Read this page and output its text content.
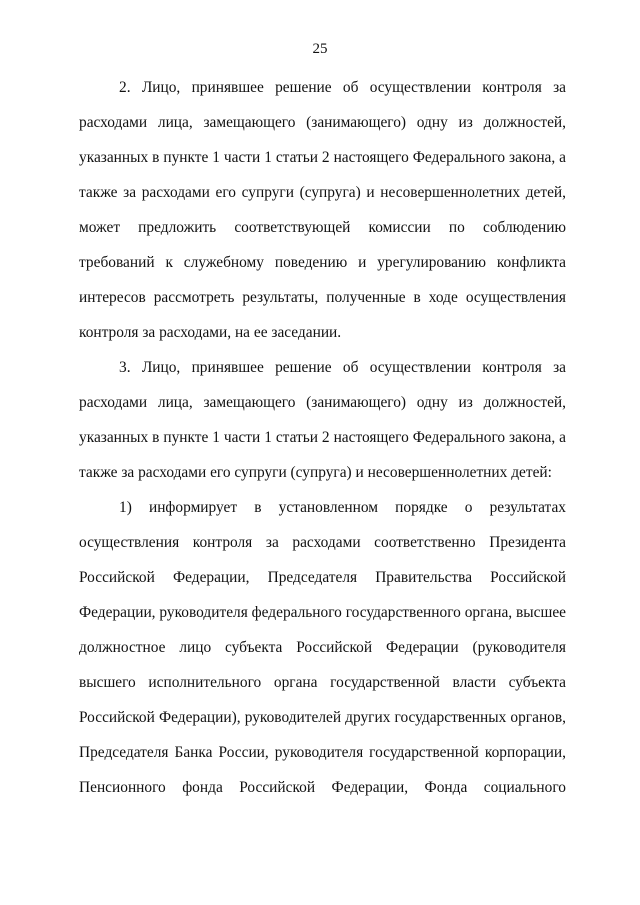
25
2. Лицо, принявшее решение об осуществлении контроля за
расходами лица, замещающего (занимающего) одну из должностей,
указанных в пункте 1 части 1 статьи 2 настоящего Федерального закона, а
также за расходами его супруги (супруга) и несовершеннолетних детей,
может предложить соответствующей комиссии по соблюдению
требований к служебному поведению и урегулированию конфликта
интересов рассмотреть результаты, полученные в ходе осуществления
контроля за расходами, на ее заседании.
3. Лицо, принявшее решение об осуществлении контроля за
расходами лица, замещающего (занимающего) одну из должностей,
указанных в пункте 1 части 1 статьи 2 настоящего Федерального закона, а
также за расходами его супруги (супруга) и несовершеннолетних детей:
1) информирует в установленном порядке о результатах
осуществления контроля за расходами соответственно Президента
Российской Федерации, Председателя Правительства Российской
Федерации, руководителя федерального государственного органа, высшее
должностное лицо субъекта Российской Федерации (руководителя
высшего исполнительного органа государственной власти субъекта
Российской Федерации), руководителей других государственных органов,
Председателя Банка России, руководителя государственной корпорации,
Пенсионного фонда Российской Федерации, Фонда социального
